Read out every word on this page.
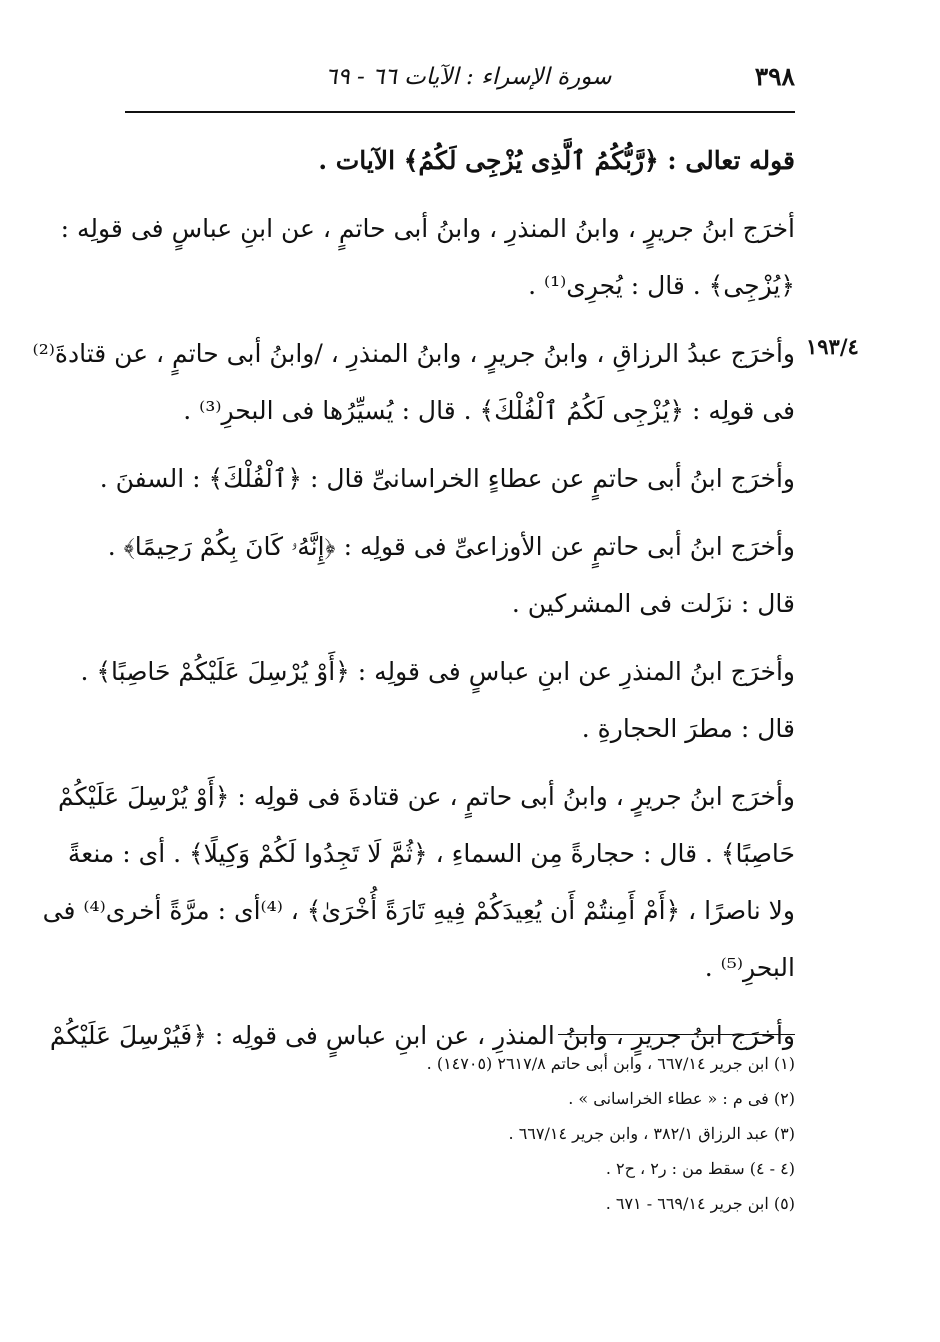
٣٩٨
سورة الإسراء : الآيات ٦٦ - ٦٩
١٩٣/٤
قوله تعالى : ﴿رَّبُّكُمُ ٱلَّذِى يُزْجِى لَكُمُ﴾ الآيات .
أخرَج ابنُ جريرٍ ، وابنُ المنذرِ ، وابنُ أبى حاتمٍ ، عن ابنِ عباسٍ فى قولِه :
﴿يُزْجِى﴾ . قال : يُجرِى⁽¹⁾ .
وأخرَج عبدُ الرزاقِ ، وابنُ جريرٍ ، وابنُ المنذرِ ، /وابنُ أبى حاتمٍ ، عن قتادةَ⁽²⁾
فى قولِه : ﴿يُزْجِى لَكُمُ ٱلْفُلْكَ﴾ . قال : يُسيِّرُها فى البحرِ⁽³⁾ .
وأخرَج ابنُ أبى حاتمٍ عن عطاءٍ الخراسانىِّ قال : ﴿ٱلْفُلْكَ﴾ : السفنَ .
وأخرَج ابنُ أبى حاتمٍ عن الأوزاعىِّ فى قولِه : ﴿إِنَّهُۥ كَانَ بِكُمْ رَحِيمًا﴾ .
قال : نزَلت فى المشركين .
وأخرَج ابنُ المنذرِ عن ابنِ عباسٍ فى قولِه : ﴿أَوْ يُرْسِلَ عَلَيْكُمْ حَاصِبًا﴾ .
قال : مطرَ الحجارةِ .
وأخرَج ابنُ جريرٍ ، وابنُ أبى حاتمٍ ، عن قتادةَ فى قولِه : ﴿أَوْ يُرْسِلَ عَلَيْكُمْ
حَاصِبًا﴾ . قال : حجارةً مِن السماءِ ، ﴿ثُمَّ لَا تَجِدُوا لَكُمْ وَكِيلًا﴾ . أى : منعةً
ولا ناصرًا ، ﴿أَمْ أَمِنتُمْ أَن يُعِيدَكُمْ فِيهِ تَارَةً أُخْرَىٰ﴾ ، ⁽⁴⁾أى : مرَّةً أخرى⁽⁴⁾ فى
البحرِ⁽⁵⁾ .
وأخرَج ابنُ جريرٍ ، وابنُ المنذرِ ، عن ابنِ عباسٍ فى قولِه : ﴿فَيُرْسِلَ عَلَيْكُمْ
(١) ابن جرير ٦٦٧/١٤ ، وابن أبى حاتم ٢٦١٧/٨ (١٤٧٠٥) .
(٢) فى م : « عطاء الخراسانى » .
(٣) عبد الرزاق ٣٨٢/١ ، وابن جرير ٦٦٧/١٤ .
(٤ - ٤) سقط من : ر٢ ، ح٢ .
(٥) ابن جرير ٦٦٩/١٤ - ٦٧١ .
